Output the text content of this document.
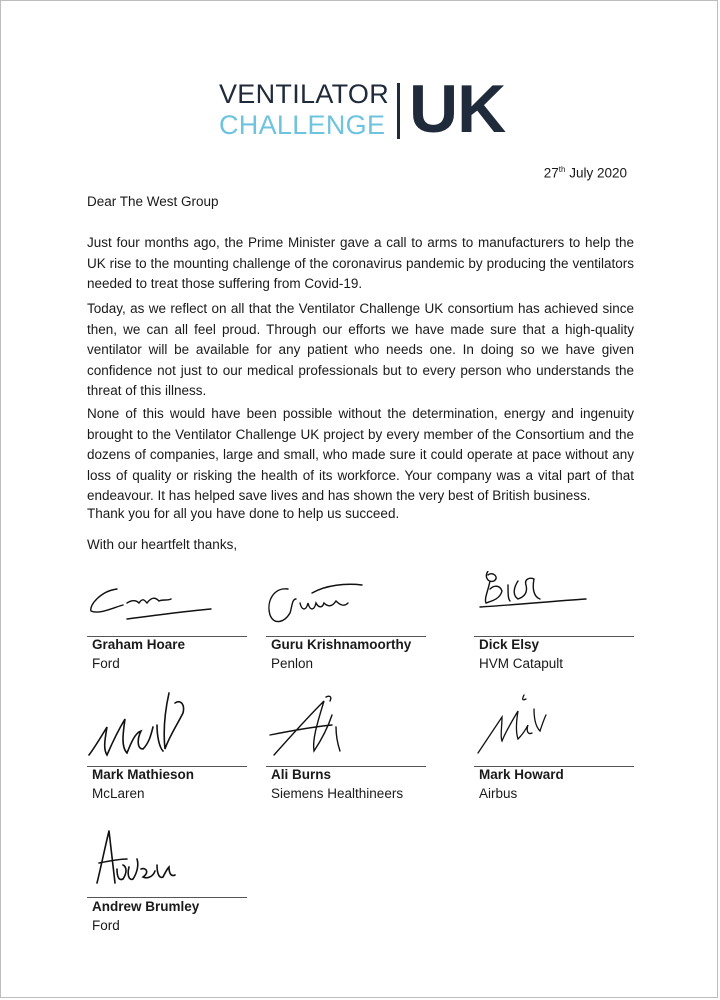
VENTILATOR
CHALLENGE UK
27th July 2020
Dear The West Group
Just four months ago, the Prime Minister gave a call to arms to manufacturers to help the UK rise to the mounting challenge of the coronavirus pandemic by producing the ventilators needed to treat those suffering from Covid-19.
Today, as we reflect on all that the Ventilator Challenge UK consortium has achieved since then, we can all feel proud. Through our efforts we have made sure that a high-quality ventilator will be available for any patient who needs one. In doing so we have given confidence not just to our medical professionals but to every person who understands the threat of this illness.
None of this would have been possible without the determination, energy and ingenuity brought to the Ventilator Challenge UK project by every member of the Consortium and the dozens of companies, large and small, who made sure it could operate at pace without any loss of quality or risking the health of its workforce. Your company was a vital part of that endeavour. It has helped save lives and has shown the very best of British business.
Thank you for all you have done to help us succeed.
With our heartfelt thanks,
Graham Hoare
Ford
Guru Krishnamoorthy
Penlon
Dick Elsy
HVM Catapult
Mark Mathieson
McLaren
Ali Burns
Siemens Healthineers
Mark Howard
Airbus
Andrew Brumley
Ford
